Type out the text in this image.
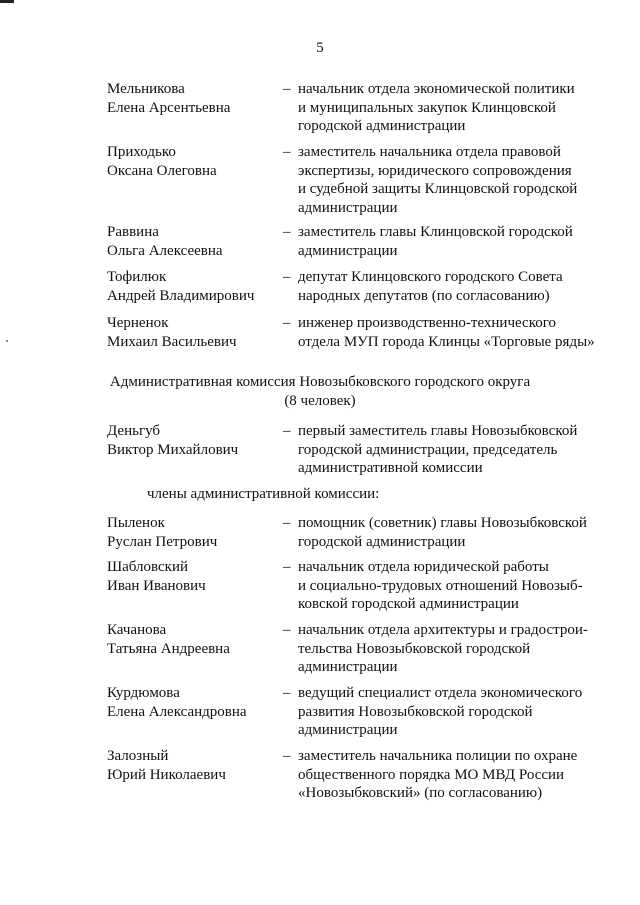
5
Мельникова
Елена Арсентьевна
– начальник отдела экономической политики
и муниципальных закупок Клинцовской
городской администрации
Приходько
Оксана Олеговна
– заместитель начальника отдела правовой
экспертизы, юридического сопровождения
и судебной защиты Клинцовской городской
администрации
Раввина
Ольга Алексеевна
– заместитель главы Клинцовской городской
администрации
Тофилюк
Андрей Владимирович
– депутат Клинцовского городского Совета
народных депутатов (по согласованию)
Черненок
Михаил Васильевич
– инженер производственно-технического
отдела МУП города Клинцы «Торговые ряды»
Административная комиссия Новозыбковского городского округа
(8 человек)
Деньгуб
Виктор Михайлович
– первый заместитель главы Новозыбковской
городской администрации, председатель
административной комиссии
члены административной комиссии:
Пыленок
Руслан Петрович
– помощник (советник) главы Новозыбковской
городской администрации
Шабловский
Иван Иванович
– начальник отдела юридической работы
и социально-трудовых отношений Новозыб-
ковской городской администрации
Качанова
Татьяна Андреевна
– начальник отдела архитектуры и градострои-
тельства Новозыбковской городской
администрации
Курдюмова
Елена Александровна
– ведущий специалист отдела экономического
развития Новозыбковской городской
администрации
Залозный
Юрий Николаевич
– заместитель начальника полиции по охране
общественного порядка МО МВД России
«Новозыбковский» (по согласованию)
